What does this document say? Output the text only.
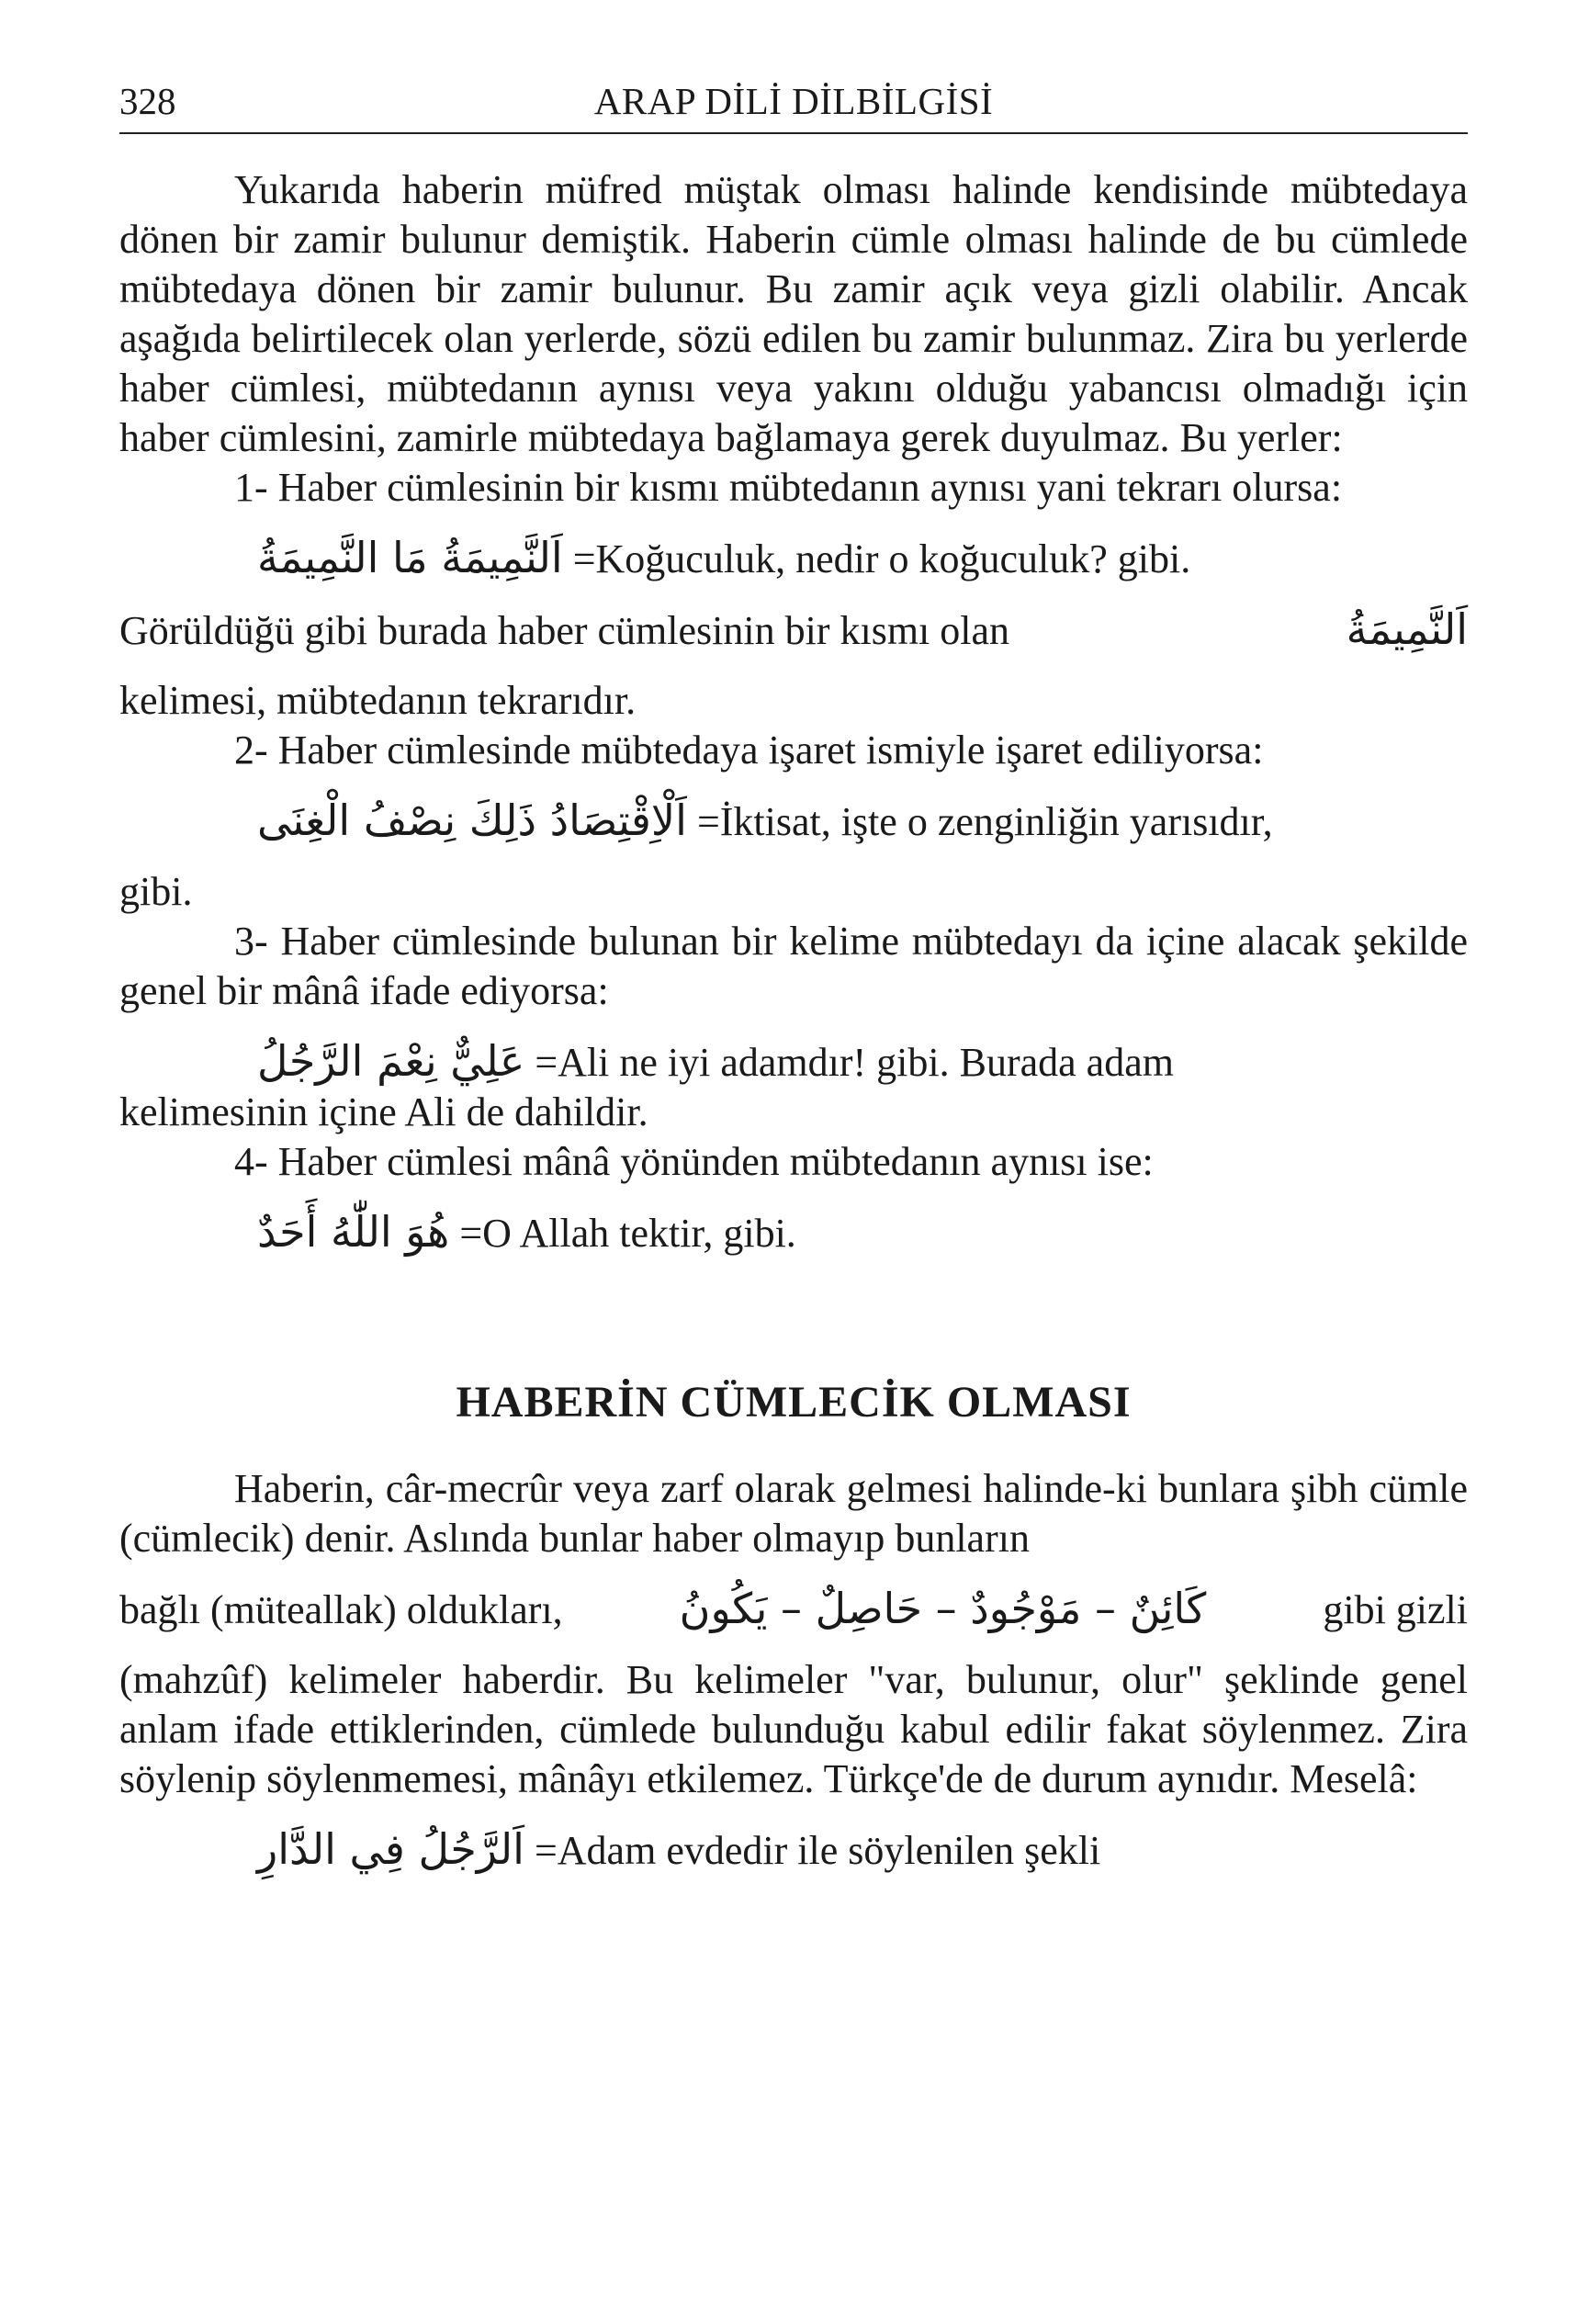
328	ARAP DİLİ DİLBİLGİSİ

Yukarıda haberin müfred müştak olması halinde kendisinde mübtedaya dönen bir zamir bulunur demiştik. Haberin cümle olması halinde de bu cümlede mübtedaya dönen bir zamir bulunur. Bu zamir açık veya gizli olabilir. Ancak aşağıda belirtilecek olan yerlerde, sözü edilen bu zamir bulunmaz. Zira bu yerlerde haber cümlesi, mübtedanın aynısı veya yakını olduğu yabancısı olmadığı için haber cümlesini, zamirle mübtedaya bağlamaya gerek duyulmaz. Bu yerler:

1- Haber cümlesinin bir kısmı mübtedanın aynısı yani tekrarı olursa:

اَلنَّمِيمَةُ مَا النَّمِيمَةُ =Koğuculuk, nedir o koğuculuk? gibi.

Görüldüğü gibi burada haber cümlesinin bir kısmı olan	اَلنَّمِيمَةُ

kelimesi, mübtedanın tekrarıdır.

2- Haber cümlesinde mübtedaya işaret ismiyle işaret ediliyorsa:

اَلْاِقْتِصَادُ ذَلِكَ نِصْفُ الْغِنَى =İktisat, işte o zenginliğin yarısıdır,

gibi.

3- Haber cümlesinde bulunan bir kelime mübtedayı da içine alacak şekilde genel bir mânâ ifade ediyorsa:

عَلِيٌّ نِعْمَ الرَّجُلُ =Ali ne iyi adamdır! gibi. Burada adam

kelimesinin içine Ali de dahildir.

4- Haber cümlesi mânâ yönünden mübtedanın aynısı ise:

هُوَ اللّٰهُ أَحَدٌ =O Allah tektir, gibi.

HABERİN CÜMLECİK OLMASI

Haberin, câr-mecrûr veya zarf olarak gelmesi halinde-ki bunlara şibh cümle (cümlecik) denir. Aslında bunlar haber olmayıp bunların

bağlı (müteallak) oldukları,	كَائِنٌ – مَوْجُودٌ – حَاصِلٌ – يَكُونُ	gibi gizli

(mahzûf) kelimeler haberdir. Bu kelimeler "var, bulunur, olur" şeklinde genel anlam ifade ettiklerinden, cümlede bulunduğu kabul edilir fakat söylenmez. Zira söylenip söylenmemesi, mânâyı etkilemez. Türkçe'de de durum aynıdır. Meselâ:

اَلرَّجُلُ فِي الدَّارِ =Adam evdedir ile söylenilen şekli
